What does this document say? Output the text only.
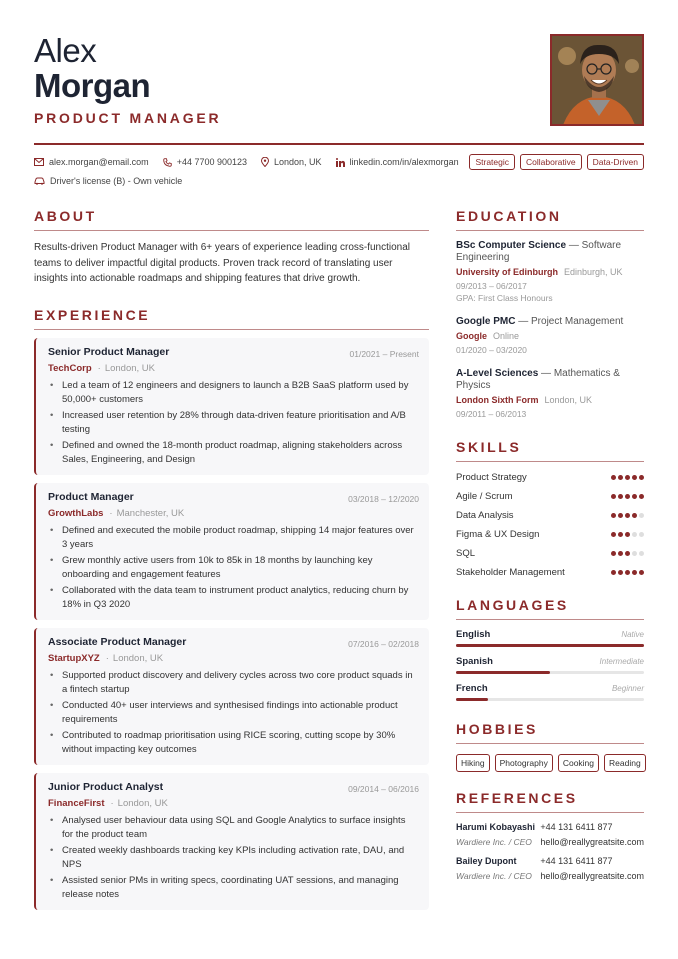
Alex
Morgan
PRODUCT MANAGER
alex.morgan@email.com	+44 7700 900123	London, UK	linkedin.com/in/alexmorgan
Driver's license (B) - Own vehicle
Strategic	Collaborative	Data-Driven
ABOUT

Results-driven Product Manager with 6+ years of experience leading cross-functional teams to deliver impactful digital products. Proven track record of translating user insights into actionable roadmaps and shipping features that drive growth.

EXPERIENCE
Senior Product Manager	01/2021 – Present
TechCorp	· London, UK
• Led a team of 12 engineers and designers to launch a B2B SaaS platform used by 50,000+ customers
• Increased user retention by 28% through data-driven feature prioritisation and A/B testing
• Defined and owned the 18-month product roadmap, aligning stakeholders across Sales, Engineering, and Design
Product Manager	03/2018 – 12/2020
GrowthLabs	· Manchester, UK
• Defined and executed the mobile product roadmap, shipping 14 major features over 3 years
• Grew monthly active users from 10k to 85k in 18 months by launching key onboarding and engagement features
• Collaborated with the data team to instrument product analytics, reducing churn by 18% in Q3 2020
Associate Product Manager	07/2016 – 02/2018
StartupXYZ	· London, UK
• Supported product discovery and delivery cycles across two core product squads in a fintech startup
• Conducted 40+ user interviews and synthesised findings into actionable product requirements
• Contributed to roadmap prioritisation using RICE scoring, cutting scope by 30% without impacting key outcomes
Junior Product Analyst	09/2014 – 06/2016
FinanceFirst	· London, UK
• Analysed user behaviour data using SQL and Google Analytics to surface insights for the product team
• Created weekly dashboards tracking key KPIs including activation rate, DAU, and NPS
• Assisted senior PMs in writing specs, coordinating UAT sessions, and managing release notes
EDUCATION
BSc Computer Science — Software Engineering
University of Edinburgh Edinburgh, UK
09/2013 – 06/2017
GPA: First Class Honours
Google PMC — Project Management
Google Online
01/2020 – 03/2020
A-Level Sciences — Mathematics & Physics
London Sixth Form London, UK
09/2011 – 06/2013
SKILLS
Product Strategy
Agile / Scrum
Data Analysis
Figma & UX Design
SQL
Stakeholder Management
LANGUAGES
English	Native
Spanish	Intermediate
French	Beginner
HOBBIES
Hiking	Photography	Cooking	Reading
REFERENCES
Harumi Kobayashi
Wardiere Inc. / CEO
+44 131 6411 877
hello@reallygreatsite.com
Bailey Dupont
Wardiere Inc. / CEO
+44 131 6411 877
hello@reallygreatsite.com
